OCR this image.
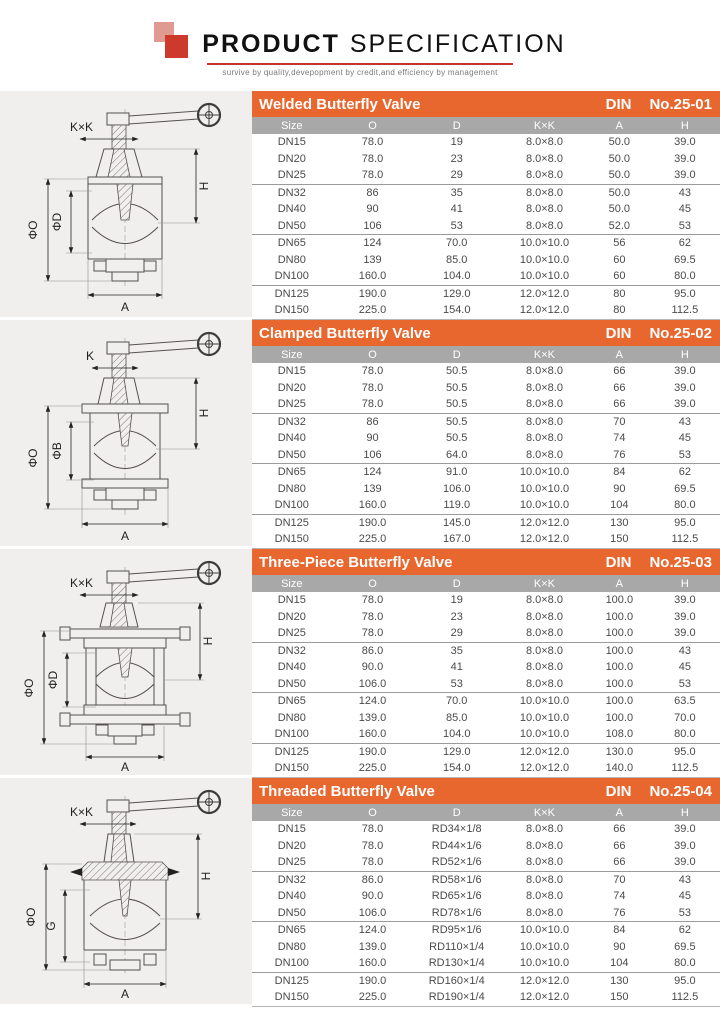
PRODUCT SPECIFICATION
survive by quality,devepopment by credit,and efficiency by management
K×K
ΦO ΦD
H
A
Welded Butterfly Valve	DIN No.25-01
Size	O	D	K×K	A	H
DN15	78.0	19	8.0×8.0	50.0	39.0
DN20	78.0	23	8.0×8.0	50.0	39.0
DN25	78.0	29	8.0×8.0	50.0	39.0
DN32	86	35	8.0×8.0	50.0	43
DN40	90	41	8.0×8.0	50.0	45
DN50	106	53	8.0×8.0	52.0	53
DN65	124	70.0	10.0×10.0	56	62
DN80	139	85.0	10.0×10.0	60	69.5
DN100	160.0	104.0	10.0×10.0	60	80.0
DN125	190.0	129.0	12.0×12.0	80	95.0
DN150	225.0	154.0	12.0×12.0	80	112.5
K
ΦO ΦB
H
A
Clamped Butterfly Valve	DIN No.25-02
Size	O	D	K×K	A	H
DN15	78.0	50.5	8.0×8.0	66	39.0
DN20	78.0	50.5	8.0×8.0	66	39.0
DN25	78.0	50.5	8.0×8.0	66	39.0
DN32	86	50.5	8.0×8.0	70	43
DN40	90	50.5	8.0×8.0	74	45
DN50	106	64.0	8.0×8.0	76	53
DN65	124	91.0	10.0×10.0	84	62
DN80	139	106.0	10.0×10.0	90	69.5
DN100	160.0	119.0	10.0×10.0	104	80.0
DN125	190.0	145.0	12.0×12.0	130	95.0
DN150	225.0	167.0	12.0×12.0	150	112.5
K×K
ΦO ΦD
H
A
Three-Piece Butterfly Valve	DIN No.25-03
Size	O	D	K×K	A	H
DN15	78.0	19	8.0×8.0	100.0	39.0
DN20	78.0	23	8.0×8.0	100.0	39.0
DN25	78.0	29	8.0×8.0	100.0	39.0
DN32	86.0	35	8.0×8.0	100.0	43
DN40	90.0	41	8.0×8.0	100.0	45
DN50	106.0	53	8.0×8.0	100.0	53
DN65	124.0	70.0	10.0×10.0	100.0	63.5
DN80	139.0	85.0	10.0×10.0	100.0	70.0
DN100	160.0	104.0	10.0×10.0	108.0	80.0
DN125	190.0	129.0	12.0×12.0	130.0	95.0
DN150	225.0	154.0	12.0×12.0	140.0	112.5
K×K
ΦO G
H
A
Threaded Butterfly Valve	DIN No.25-04
Size	O	D	K×K	A	H
DN15	78.0	RD34×1/8	8.0×8.0	66	39.0
DN20	78.0	RD44×1/6	8.0×8.0	66	39.0
DN25	78.0	RD52×1/6	8.0×8.0	66	39.0
DN32	86.0	RD58×1/6	8.0×8.0	70	43
DN40	90.0	RD65×1/6	8.0×8.0	74	45
DN50	106.0	RD78×1/6	8.0×8.0	76	53
DN65	124.0	RD95×1/6	10.0×10.0	84	62
DN80	139.0	RD110×1/4	10.0×10.0	90	69.5
DN100	160.0	RD130×1/4	10.0×10.0	104	80.0
DN125	190.0	RD160×1/4	12.0×12.0	130	95.0
DN150	225.0	RD190×1/4	12.0×12.0	150	112.5
